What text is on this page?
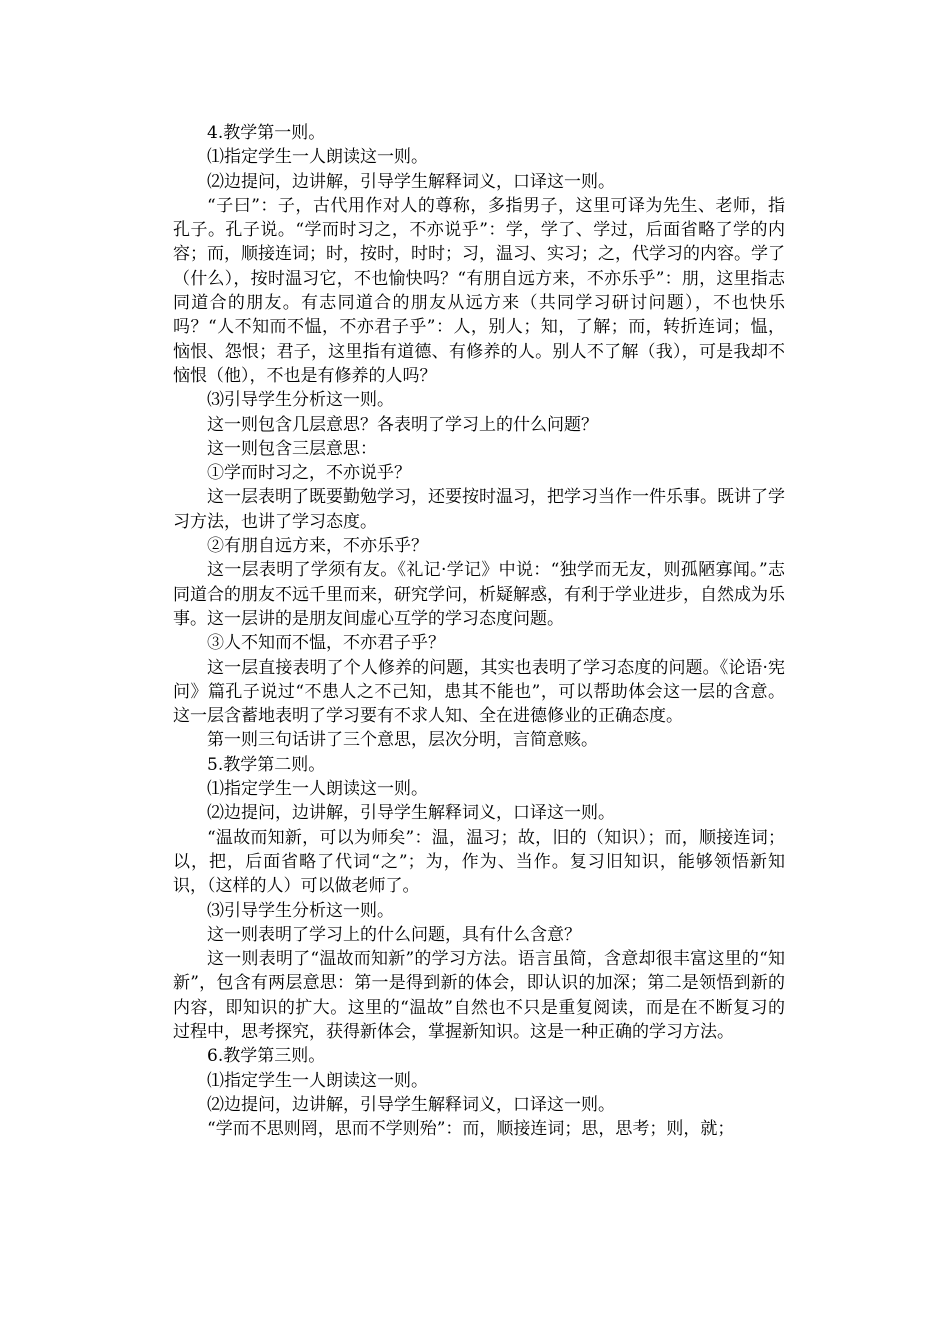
4.教学第一则。

⑴指定学生一人朗读这一则。

⑵边提问，边讲解，引导学生解释词义，口译这一则。

“子曰”：子，古代用作对人的尊称，多指男子，这里可译为先生、老师，指孔子。孔子说。“学而时习之，不亦说乎”：学，学了、学过，后面省略了学的内容；而，顺接连词；时，按时，时时；习，温习、实习；之，代学习的内容。学了（什么），按时温习它，不也愉快吗？“有朋自远方来，不亦乐乎”：朋，这里指志同道合的朋友。有志同道合的朋友从远方来（共同学习研讨问题），不也快乐吗？“人不知而不愠，不亦君子乎”：人，别人；知，了解；而，转折连词；愠，恼恨、怨恨；君子，这里指有道德、有修养的人。别人不了解（我），可是我却不恼恨（他），不也是有修养的人吗？

⑶引导学生分析这一则。

这一则包含几层意思？各表明了学习上的什么问题？

这一则包含三层意思：

①学而时习之，不亦说乎？

这一层表明了既要勤勉学习，还要按时温习，把学习当作一件乐事。既讲了学习方法，也讲了学习态度。

②有朋自远方来，不亦乐乎？

这一层表明了学须有友。《礼记·学记》中说：“独学而无友，则孤陋寡闻。”志同道合的朋友不远千里而来，研究学问，析疑解惑，有利于学业进步，自然成为乐事。这一层讲的是朋友间虚心互学的学习态度问题。

③人不知而不愠，不亦君子乎？

这一层直接表明了个人修养的问题，其实也表明了学习态度的问题。《论语·宪问》篇孔子说过“不患人之不己知，患其不能也”，可以帮助体会这一层的含意。这一层含蓄地表明了学习要有不求人知、全在进德修业的正确态度。

第一则三句话讲了三个意思，层次分明，言简意赅。

5.教学第二则。

⑴指定学生一人朗读这一则。

⑵边提问，边讲解，引导学生解释词义，口译这一则。

“温故而知新，可以为师矣”：温，温习；故，旧的（知识）；而，顺接连词；以，把，后面省略了代词“之”；为，作为、当作。复习旧知识，能够领悟新知识，（这样的人）可以做老师了。

⑶引导学生分析这一则。

这一则表明了学习上的什么问题，具有什么含意？

这一则表明了“温故而知新”的学习方法。语言虽简，含意却很丰富这里的“知新”，包含有两层意思：第一是得到新的体会，即认识的加深；第二是领悟到新的内容，即知识的扩大。这里的“温故”自然也不只是重复阅读，而是在不断复习的过程中，思考探究，获得新体会，掌握新知识。这是一种正确的学习方法。

6.教学第三则。

⑴指定学生一人朗读这一则。

⑵边提问，边讲解，引导学生解释词义，口译这一则。

“学而不思则罔，思而不学则殆”：而，顺接连词；思，思考；则，就；
